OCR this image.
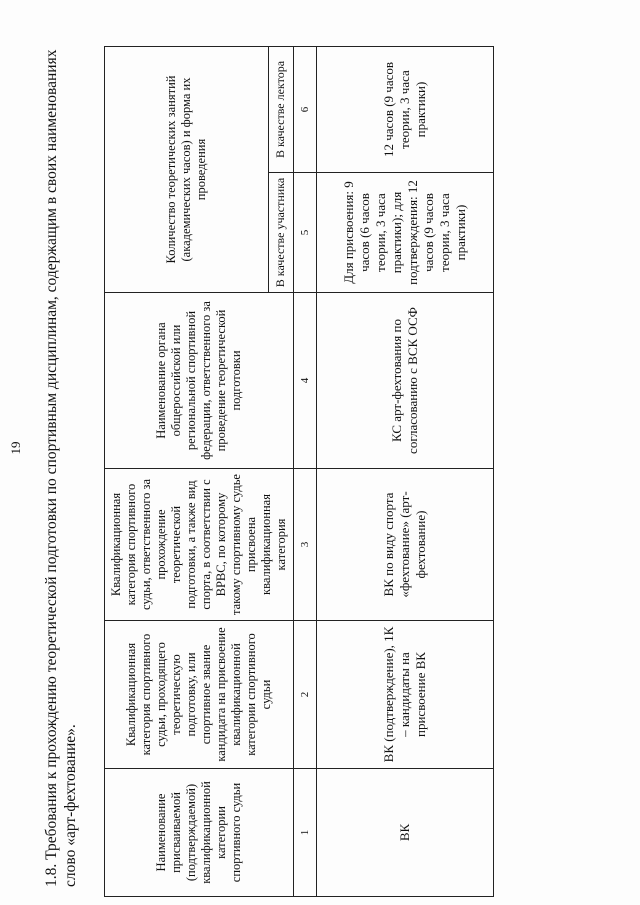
19 1.8. Требования к прохождению теоретической подготовки по спортивным дисциплинам, содержащим в своих наименованиях слово «арт-фехтование».	Наименование присваиваемой (подтверждаемой) квалификационной категории спортивного судьи	Квалификационная категория спортивного судьи, проходящего теоретическую подготовку, или спортивное звание кандидата на присвоение квалификационной категории спортивного судьи	Квалификационная категория спортивного судьи, ответственного за прохождение теоретической подготовки, а также вид спорта, в соответствии с ВРВС, по которому такому спортивному судье присвоена квалификационная категория	Наименование органа общероссийской или региональной спортивной федерации, ответственного за проведение теоретической подготовки	Количество теоретических занятий (академических часов) и форма их проведения	
				В качестве участника	В качестве лектора
1	2	3	4	5	6
ВК	ВК (подтверждение), 1К – кандидаты на присвоение ВК	ВК по виду спорта «фехтование» (арт-фехтование)	КС арт-фехтования по согласованию с ВСК ОСФ	Для присвоения: 9 часов (6 часов теории, 3 часа практики); для подтверждения: 12 часов (9 часов теории, 3 часа практики)	12 часов (9 часов теории, 3 часа практики)
